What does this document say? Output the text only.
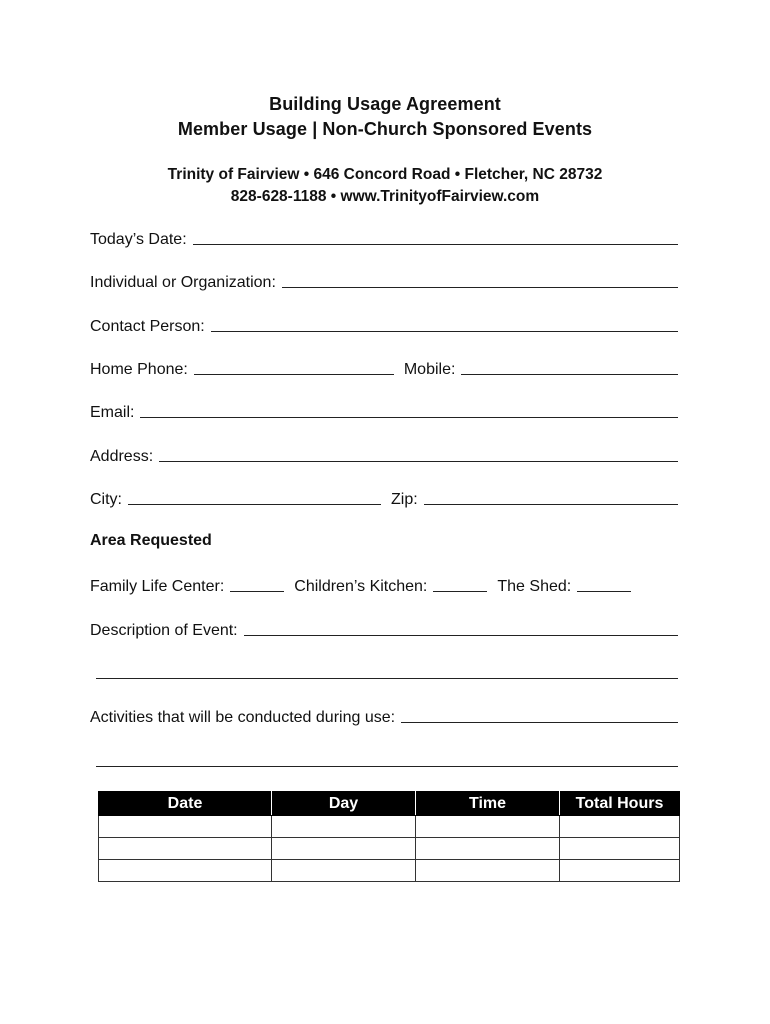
Building Usage Agreement
Member Usage | Non-Church Sponsored Events
Trinity of Fairview • 646 Concord Road • Fletcher, NC 28732
828-628-1188 • www.TrinityofFairview.com
Today’s Date:
Individual or Organization:
Contact Person:
Home Phone:	Mobile:
Email:
Address:
City:	Zip:
Area Requested
Family Life Center:	Children’s Kitchen:	The Shed:
Description of Event:
Activities that will be conducted during use:
Date	Day	Time	Total Hours
